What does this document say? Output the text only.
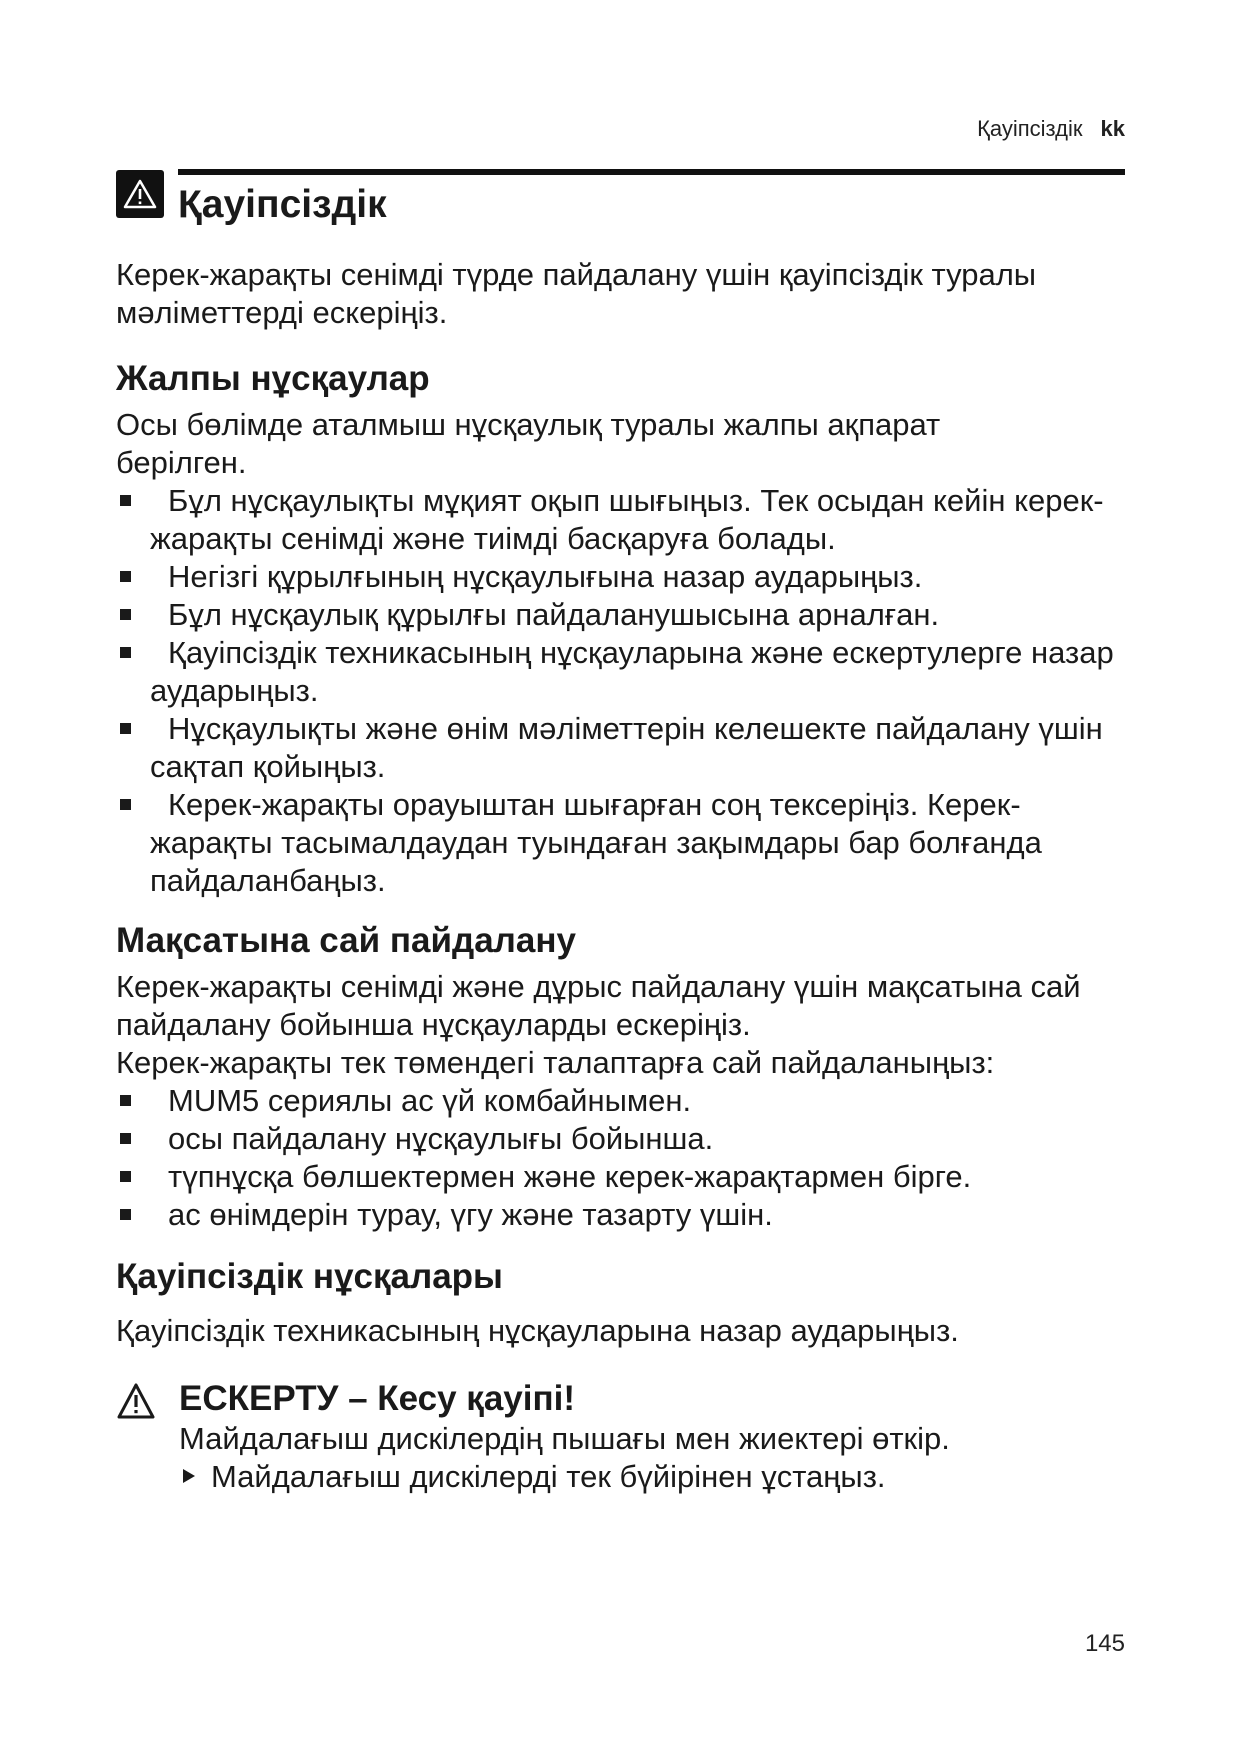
Қауіпсіздік kk
Қауіпсіздік

Керек-жарақты сенімді түрде пайдалану үшін қауіпсіздік туралы мәліметтерді ескеріңіз.

Жалпы нұсқаулар

Осы бөлімде аталмыш нұсқаулық туралы жалпы ақпарат берілген.

Бұл нұсқаулықты мұқият оқып шығыңыз. Тек осыдан кейін керек-жарақты сенімді және тиімді басқаруға болады.
Негізгі құрылғының нұсқаулығына назар аударыңыз.
Бұл нұсқаулық құрылғы пайдаланушысына арналған.
Қауіпсіздік техникасының нұсқауларына және ескертулерге назар аударыңыз.
Нұсқаулықты және өнім мәліметтерін келешекте пайдалану үшін сақтап қойыңыз.
Керек-жарақты орауыштан шығарған соң тексеріңіз. Керек-жарақты тасымалдаудан туындаған зақымдары бар болғанда пайдаланбаңыз.
Мақсатына сай пайдалану

Керек-жарақты сенімді және дұрыс пайдалану үшін мақсатына сай пайдалану бойынша нұсқауларды ескеріңіз.

Керек-жарақты тек төмендегі талаптарға сай пайдаланыңыз:

MUM5 сериялы ас үй комбайнымен.
осы пайдалану нұсқаулығы бойынша.
түпнұсқа бөлшектермен және керек-жарақтармен бірге.
ас өнімдерін турау, үгу және тазарту үшін.
Қауіпсіздік нұсқалары

Қауіпсіздік техникасының нұсқауларына назар аударыңыз.

ЕСКЕРТУ – Кесу қауіпі!

Майдалағыш дискілердің пышағы мен жиектері өткір.

Майдалағыш дискілерді тек бүйірінен ұстаңыз.
145
